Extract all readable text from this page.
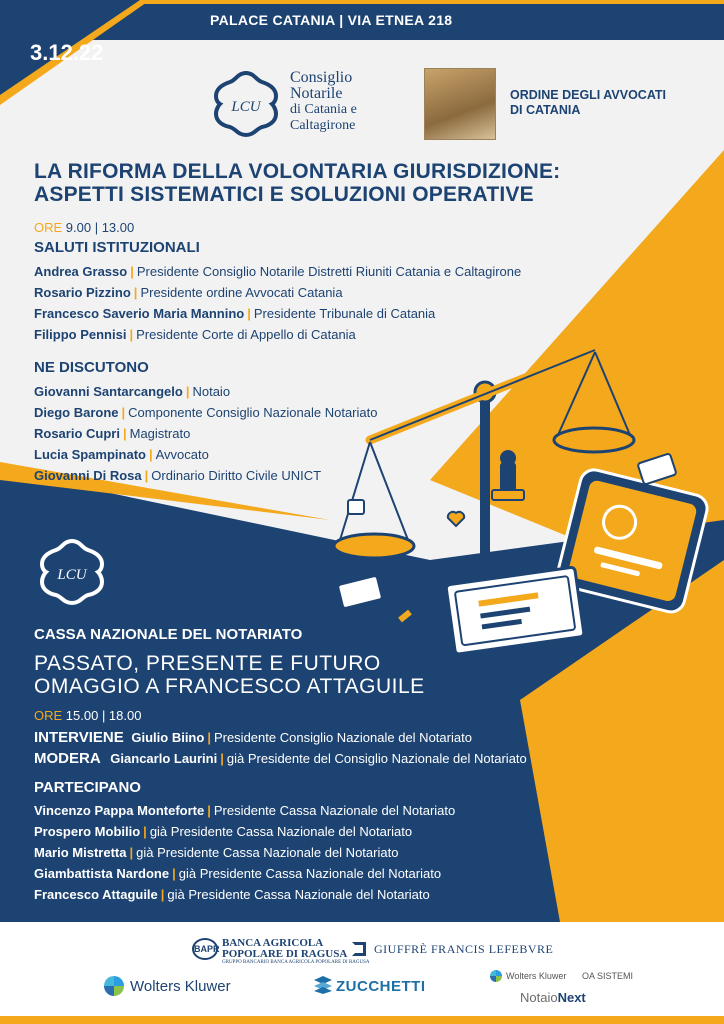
PALACE CATANIA | VIA ETNEA 218
3.12.22
LCU
Consiglio
Notarile
di Catania e
Caltagirone
ORDINE DEGLI AVVOCATI
DI CATANIA
LA RIFORMA DELLA VOLONTARIA GIURISDIZIONE:
ASPETTI SISTEMATICI E SOLUZIONI OPERATIVE
ORE 9.00 | 13.00
SALUTI ISTITUZIONALI
Andrea Grasso | Presidente Consiglio Notarile Distretti Riuniti Catania e Caltagirone
Rosario Pizzino | Presidente ordine Avvocati Catania
Francesco Saverio Maria Mannino | Presidente Tribunale di Catania
Filippo Pennisi | Presidente Corte di Appello di Catania
NE DISCUTONO
Giovanni Santarcangelo | Notaio
Diego Barone | Componente Consiglio Nazionale Notariato
Rosario Cupri | Magistrato
Lucia Spampinato | Avvocato
Giovanni Di Rosa | Ordinario Diritto Civile UNICT
LCU
CASSA NAZIONALE DEL NOTARIATO
PASSATO, PRESENTE E FUTURO
OMAGGIO A FRANCESCO ATTAGUILE
ORE 15.00 | 18.00
INTERVIENE Giulio Biino | Presidente Consiglio Nazionale del Notariato
MODERA Giancarlo Laurini | già Presidente del Consiglio Nazionale del Notariato
PARTECIPANO
Vincenzo Pappa Monteforte | Presidente Cassa Nazionale del Notariato
Prospero Mobilio | già Presidente Cassa Nazionale del Notariato
Mario Mistretta | già Presidente Cassa Nazionale del Notariato
Giambattista Nardone | già Presidente Cassa Nazionale del Notariato
Francesco Attaguile | già Presidente Cassa Nazionale del Notariato
BAPR BANCA AGRICOLA
POPOLARE DI RAGUSA
GRUPPO BANCARIO BANCA AGRICOLA POPOLARE DI RAGUSA
GIUFFRÈ FRANCIS LEFEBVRE
Wolters Kluwer	ZUCCHETTI
Wolters Kluwer OA SISTEMI
NotaioNext
